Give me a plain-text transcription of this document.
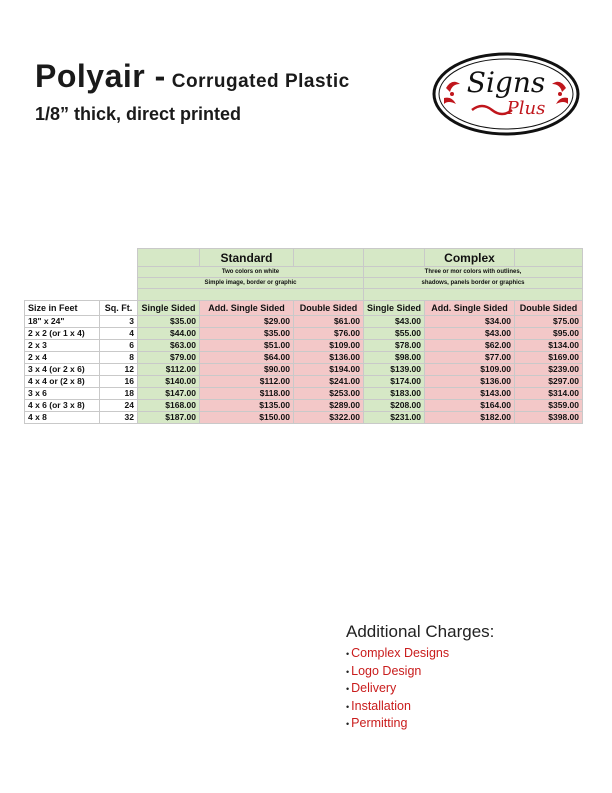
Polyair - Corrugated Plastic
1/8” thick, direct printed
Signs
Plus
			Standard			Complex	
		Two colors on white			Three or mor colors with outlines,		
		Simple image, border or graphic			shadows, panels border or graphics		

Size in Feet	Sq. Ft.	Single Sided	Add. Single Sided	Double Sided	Single Sided	Add. Single Sided	Double Sided
18" x 24"	3	$35.00	$29.00	$61.00	$43.00	$34.00	$75.00
2 x 2 (or 1 x 4)	4	$44.00	$35.00	$76.00	$55.00	$43.00	$95.00
2 x 3	6	$63.00	$51.00	$109.00	$78.00	$62.00	$134.00
2 x 4	8	$79.00	$64.00	$136.00	$98.00	$77.00	$169.00
3 x 4 (or 2 x 6)	12	$112.00	$90.00	$194.00	$139.00	$109.00	$239.00
4 x 4 or (2 x 8)	16	$140.00	$112.00	$241.00	$174.00	$136.00	$297.00
3 x 6	18	$147.00	$118.00	$253.00	$183.00	$143.00	$314.00
4 x 6 (or 3 x 8)	24	$168.00	$135.00	$289.00	$208.00	$164.00	$359.00
4 x 8	32	$187.00	$150.00	$322.00	$231.00	$182.00	$398.00
Additional Charges:
• Complex Designs
• Logo Design
• Delivery
• Installation
• Permitting
